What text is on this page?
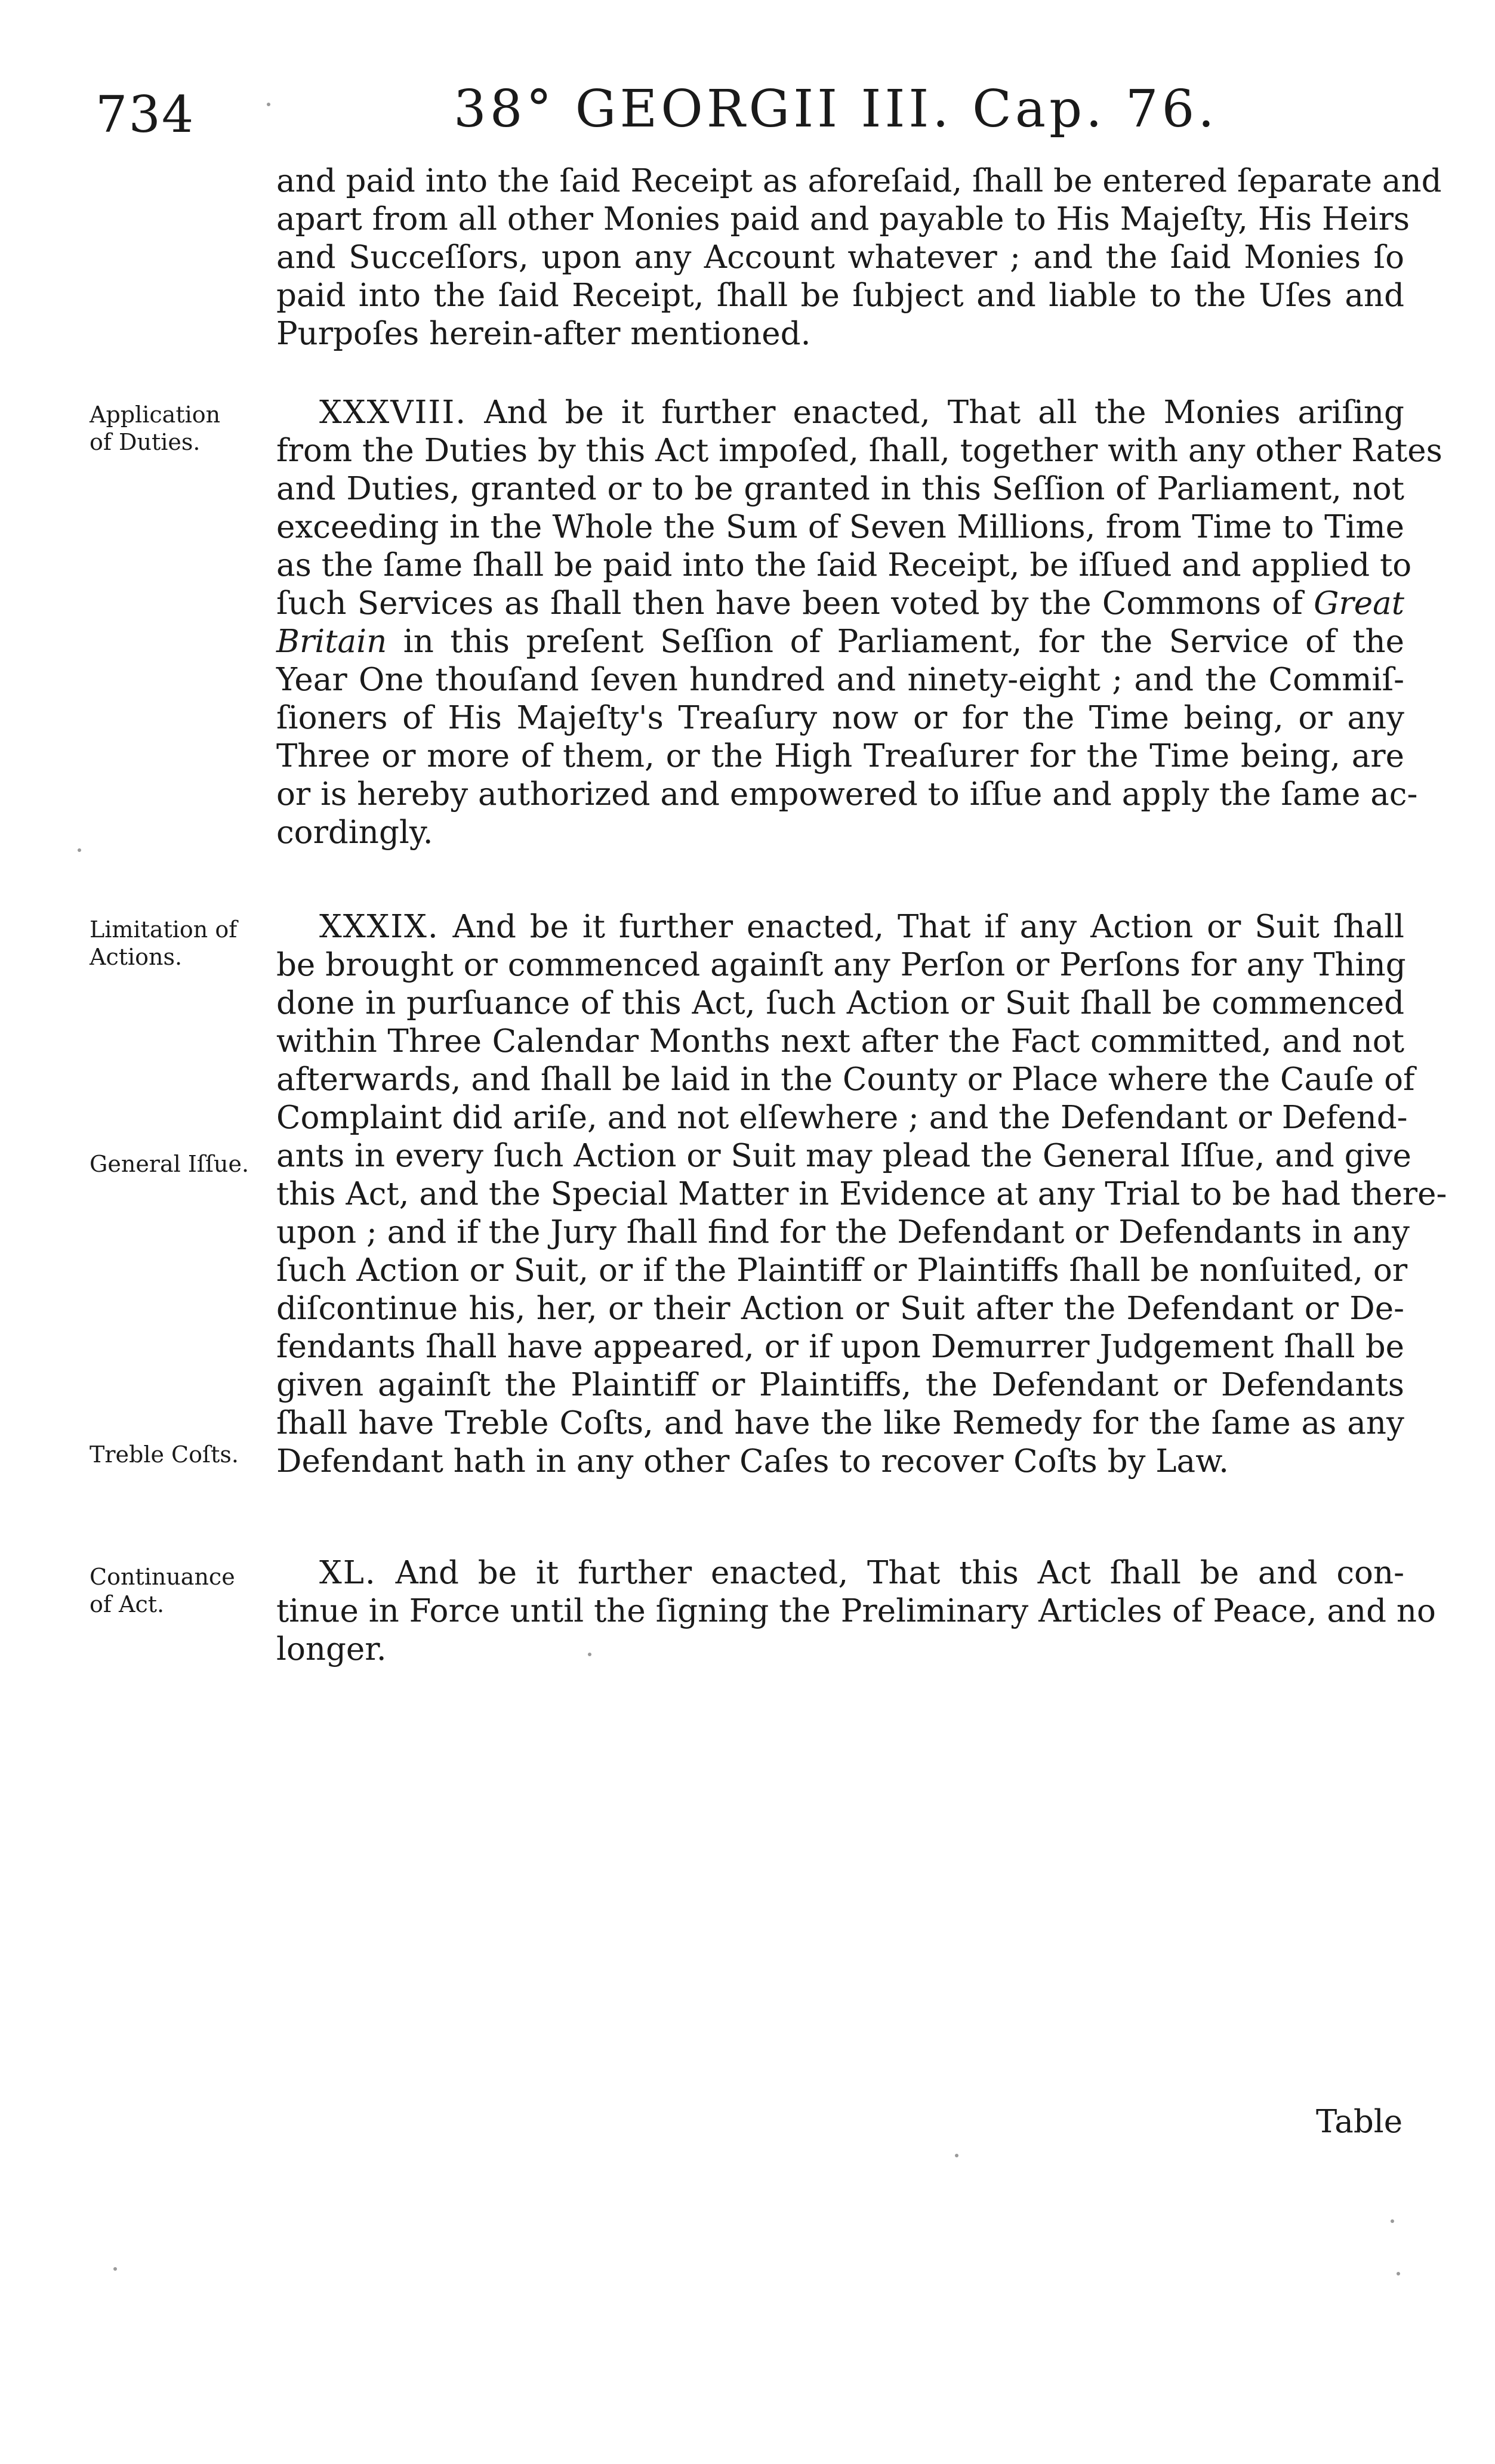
734	38° GEORGII III. Cap. 76.
and paid into the ſaid Receipt as aforeſaid, ſhall be entered ſeparate and
apart from all other Monies paid and payable to His Majeſty, His Heirs
and Succeſſors, upon any Account whatever ; and the ſaid Monies ſo
paid into the ſaid Receipt, ſhall be ſubject and liable to the Uſes and
Purpoſes herein-after mentioned.
Application
of Duties.
XXXVIII. And be it further enacted, That all the Monies ariſing
from the Duties by this Act impoſed, ſhall, together with any other Rates
and Duties, granted or to be granted in this Seſſion of Parliament, not
exceeding in the Whole the Sum of Seven Millions, from Time to Time
as the ſame ſhall be paid into the ſaid Receipt, be iſſued and applied to
ſuch Services as ſhall then have been voted by the Commons of Great
Britain in this preſent Seſſion of Parliament, for the Service of the
Year One thouſand ſeven hundred and ninety-eight ; and the Commiſ-
ſioners of His Majeſty's Treaſury now or for the Time being, or any
Three or more of them, or the High Treaſurer for the Time being, are
or is hereby authorized and empowered to iſſue and apply the ſame ac-
cordingly.
Limitation of
Actions.
General Iſſue.
Treble Coſts.
XXXIX. And be it further enacted, That if any Action or Suit ſhall
be brought or commenced againſt any Perſon or Perſons for any Thing
done in purſuance of this Act, ſuch Action or Suit ſhall be commenced
within Three Calendar Months next after the Fact committed, and not
afterwards, and ſhall be laid in the County or Place where the Cauſe of
Complaint did ariſe, and not elſewhere ; and the Defendant or Defend-
ants in every ſuch Action or Suit may plead the General Iſſue, and give
this Act, and the Special Matter in Evidence at any Trial to be had there-
upon ; and if the Jury ſhall find for the Defendant or Defendants in any
ſuch Action or Suit, or if the Plaintiff or Plaintiffs ſhall be nonſuited, or
diſcontinue his, her, or their Action or Suit after the Defendant or De-
fendants ſhall have appeared, or if upon Demurrer Judgement ſhall be
given againſt the Plaintiff or Plaintiffs, the Defendant or Defendants
ſhall have Treble Coſts, and have the like Remedy for the ſame as any
Defendant hath in any other Caſes to recover Coſts by Law.
Continuance
of Act.
XL. And be it further enacted, That this Act ſhall be and con-
tinue in Force until the ſigning the Preliminary Articles of Peace, and no
longer.
Table
